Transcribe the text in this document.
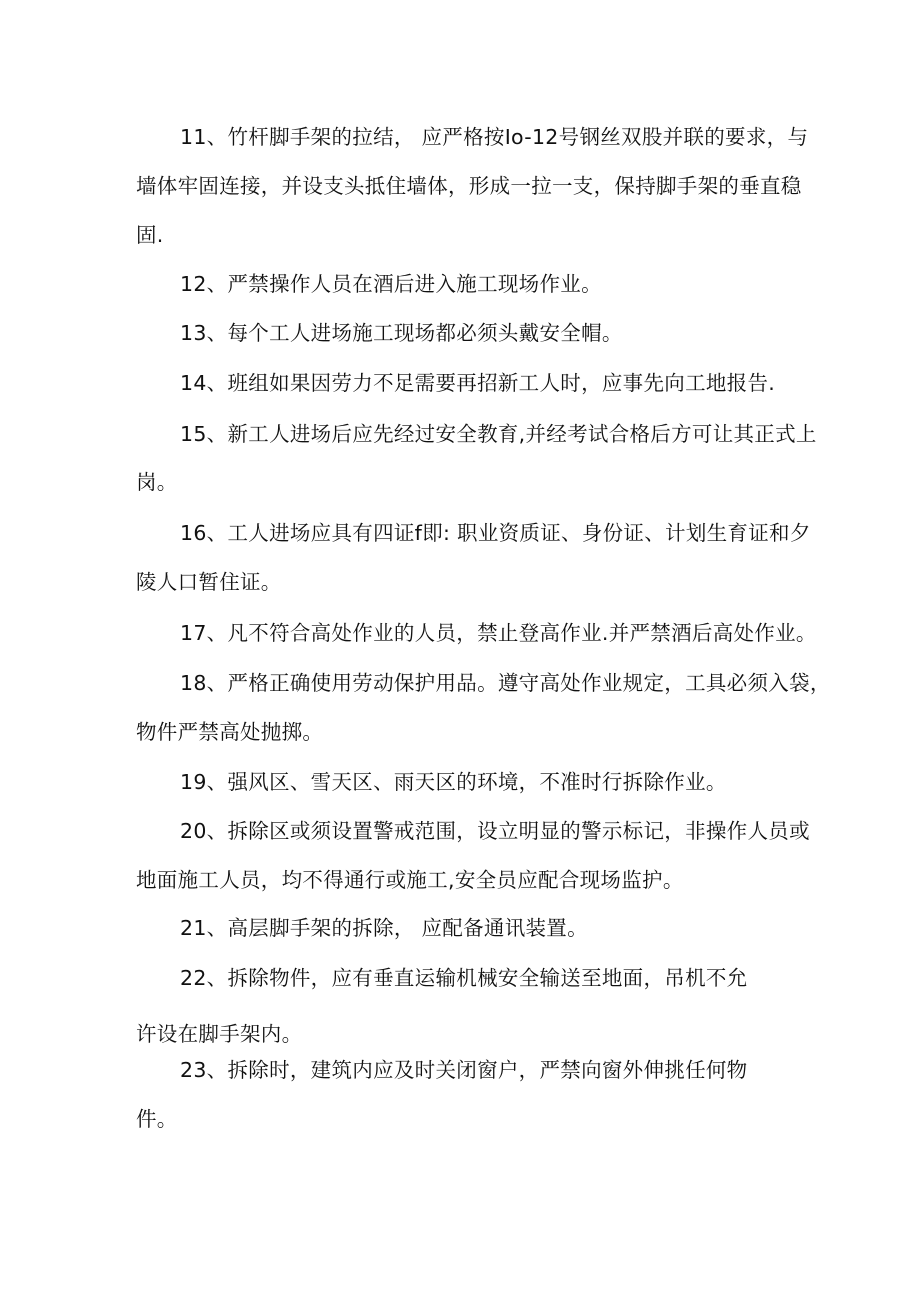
11、竹杆脚手架的拉结， 应严格按Io-12号钢丝双股并联的要求，与
墙体牢固连接，并设支头抵住墙体，形成一拉一支，保持脚手架的垂直稳
固.
12、严禁操作人员在酒后进入施工现场作业。
13、每个工人进场施工现场都必须头戴安全帽。
14、班组如果因劳力不足需要再招新工人时，应事先向工地报告.
15、新工人进场后应先经过安全教育,并经考试合格后方可让其正式上
岗。
16、工人进场应具有四证f即: 职业资质证、身份证、计划生育证和夕
陵人口暂住证。
17、凡不符合高处作业的人员，禁止登高作业.并严禁酒后高处作业。
18、严格正确使用劳动保护用品。遵守高处作业规定，工具必须入袋，
物件严禁高处抛掷。
19、强风区、雪天区、雨天区的环境，不准时行拆除作业。
20、拆除区或须设置警戒范围，设立明显的警示标记，非操作人员或
地面施工人员，均不得通行或施工,安全员应配合现场监护。
21、高层脚手架的拆除， 应配备通讯装置。
22、拆除物件，应有垂直运输机械安全输送至地面，吊机不允
许设在脚手架内。
23、拆除时，建筑内应及时关闭窗户，严禁向窗外伸挑任何物
件。
